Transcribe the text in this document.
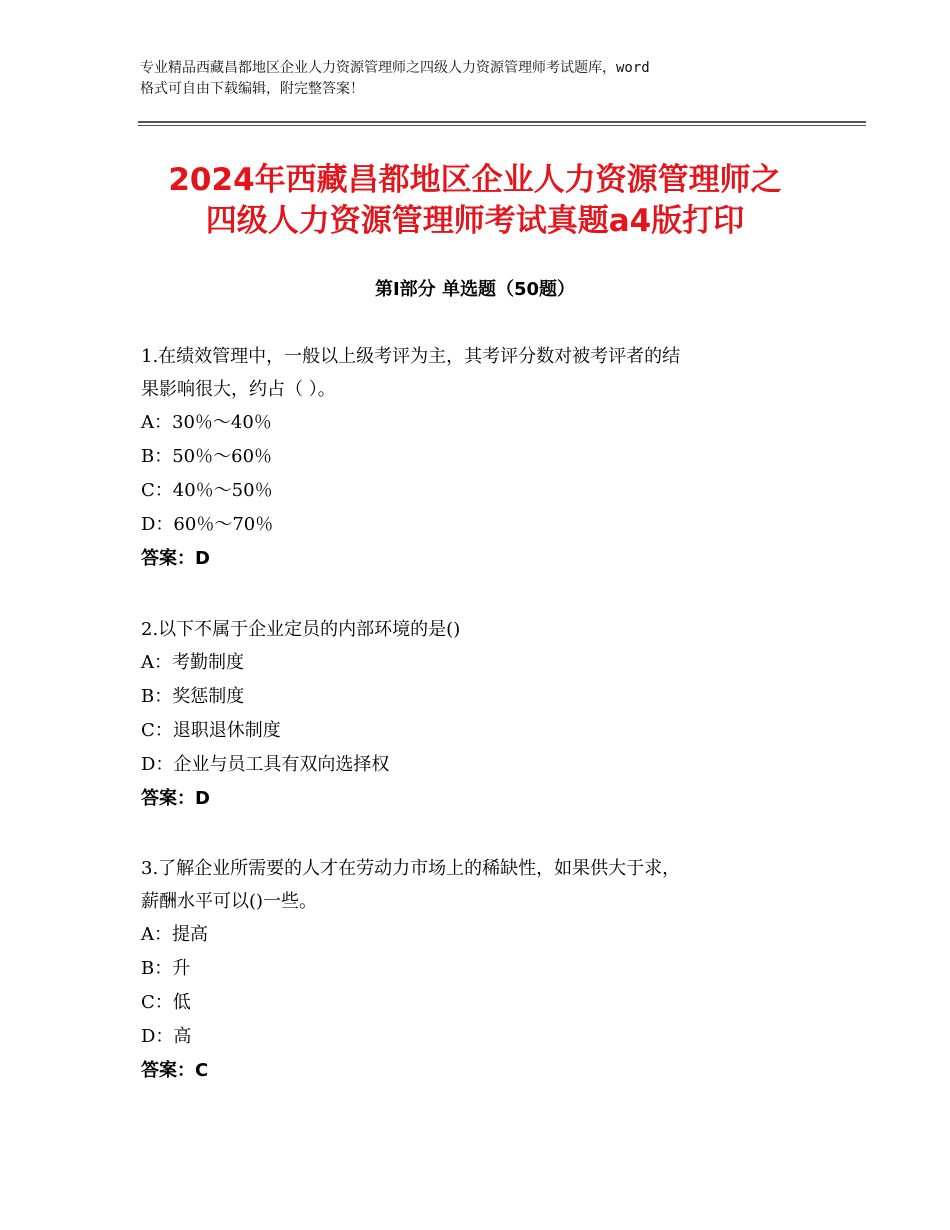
专业精品西藏昌都地区企业人力资源管理师之四级人力资源管理师考试题库，word
格式可自由下载编辑，附完整答案！
2024年西藏昌都地区企业人力资源管理师之
四级人力资源管理师考试真题a4版打印
第Ⅰ部分 单选题（50题）

1.在绩效管理中，一般以上级考评为主，其考评分数对被考评者的结

果影响很大，约占（ ）。

A：30％～40％

B：50％～60％

C：40％～50％

D：60％～70％

答案：D

2.以下不属于企业定员的内部环境的是()

A：考勤制度

B：奖惩制度

C：退职退休制度

D：企业与员工具有双向选择权

答案：D

3.了解企业所需要的人才在劳动力市场上的稀缺性，如果供大于求，

薪酬水平可以()一些。

A：提高

B：升

C：低

D：高

答案：C
